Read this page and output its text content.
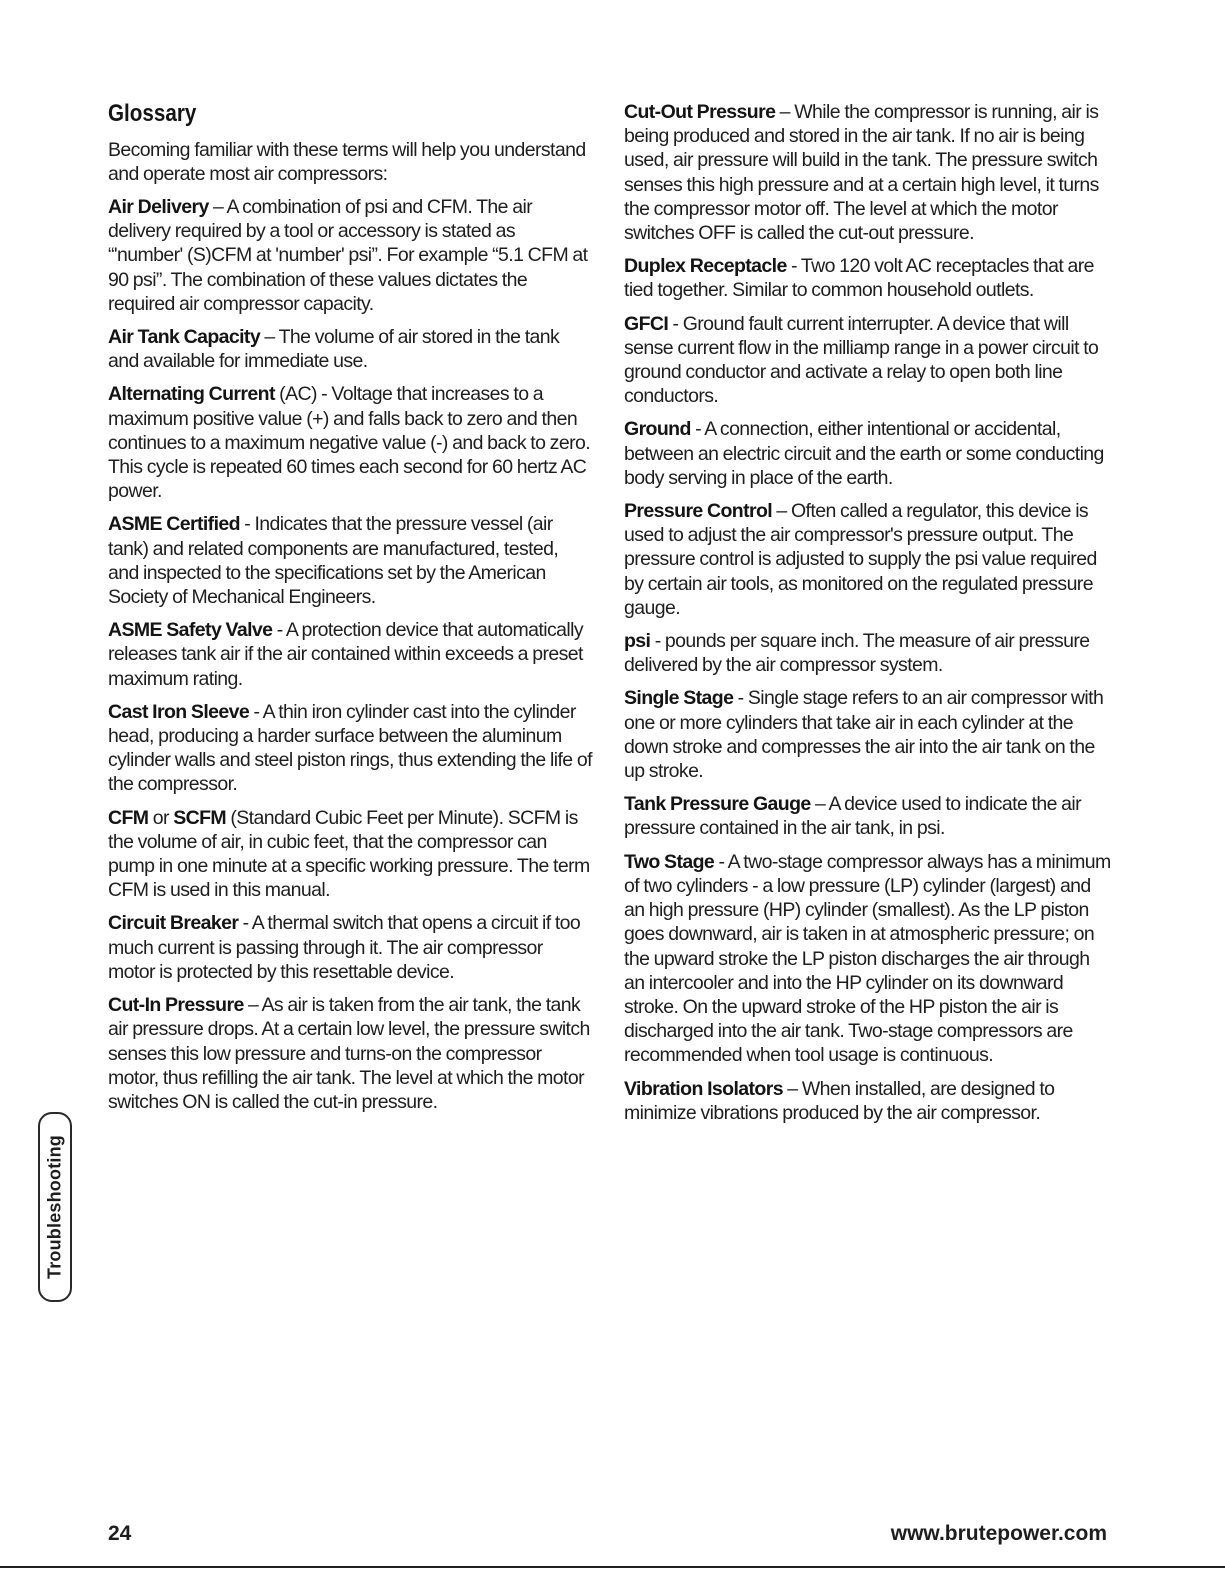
Glossary

Becoming familiar with these terms will help you understand and operate most air compressors:

Air Delivery – A combination of psi and CFM. The air delivery required by a tool or accessory is stated as “'number' (S)CFM at 'number' psi”. For example “5.1 CFM at 90 psi”. The combination of these values dictates the required air compressor capacity.

Air Tank Capacity – The volume of air stored in the tank and available for immediate use.

Alternating Current (AC) - Voltage that increases to a maximum positive value (+) and falls back to zero and then continues to a maximum negative value (-) and back to zero. This cycle is repeated 60 times each second for 60 hertz AC power.

ASME Certified - Indicates that the pressure vessel (air tank) and related components are manufactured, tested, and inspected to the specifications set by the American Society of Mechanical Engineers.

ASME Safety Valve - A protection device that automatically releases tank air if the air contained within exceeds a preset maximum rating.

Cast Iron Sleeve - A thin iron cylinder cast into the cylinder head, producing a harder surface between the aluminum cylinder walls and steel piston rings, thus extending the life of the compressor.

CFM or SCFM (Standard Cubic Feet per Minute). SCFM is the volume of air, in cubic feet, that the compressor can pump in one minute at a specific working pressure. The term CFM is used in this manual.

Circuit Breaker - A thermal switch that opens a circuit if too much current is passing through it. The air compressor motor is protected by this resettable device.

Cut-In Pressure – As air is taken from the air tank, the tank air pressure drops. At a certain low level, the pressure switch senses this low pressure and turns-on the compressor motor, thus refilling the air tank. The level at which the motor switches ON is called the cut-in pressure.

Cut-Out Pressure – While the compressor is running, air is being produced and stored in the air tank. If no air is being used, air pressure will build in the tank. The pressure switch senses this high pressure and at a certain high level, it turns the compressor motor off. The level at which the motor switches OFF is called the cut-out pressure.

Duplex Receptacle - Two 120 volt AC receptacles that are tied together. Similar to common household outlets.

GFCI - Ground fault current interrupter. A device that will sense current flow in the milliamp range in a power circuit to ground conductor and activate a relay to open both line conductors.

Ground - A connection, either intentional or accidental, between an electric circuit and the earth or some conducting body serving in place of the earth.

Pressure Control – Often called a regulator, this device is used to adjust the air compressor's pressure output. The pressure control is adjusted to supply the psi value required by certain air tools, as monitored on the regulated pressure gauge.

psi - pounds per square inch. The measure of air pressure delivered by the air compressor system.

Single Stage - Single stage refers to an air compressor with one or more cylinders that take air in each cylinder at the down stroke and compresses the air into the air tank on the up stroke.

Tank Pressure Gauge – A device used to indicate the air pressure contained in the air tank, in psi.

Two Stage - A two-stage compressor always has a minimum of two cylinders - a low pressure (LP) cylinder (largest) and an high pressure (HP) cylinder (smallest). As the LP piston goes downward, air is taken in at atmospheric pressure; on the upward stroke the LP piston discharges the air through an intercooler and into the HP cylinder on its downward stroke. On the upward stroke of the HP piston the air is discharged into the air tank. Two-stage compressors are recommended when tool usage is continuous.

Vibration Isolators – When installed, are designed to minimize vibrations produced by the air compressor.

Troubleshooting
24	www.brutepower.com
